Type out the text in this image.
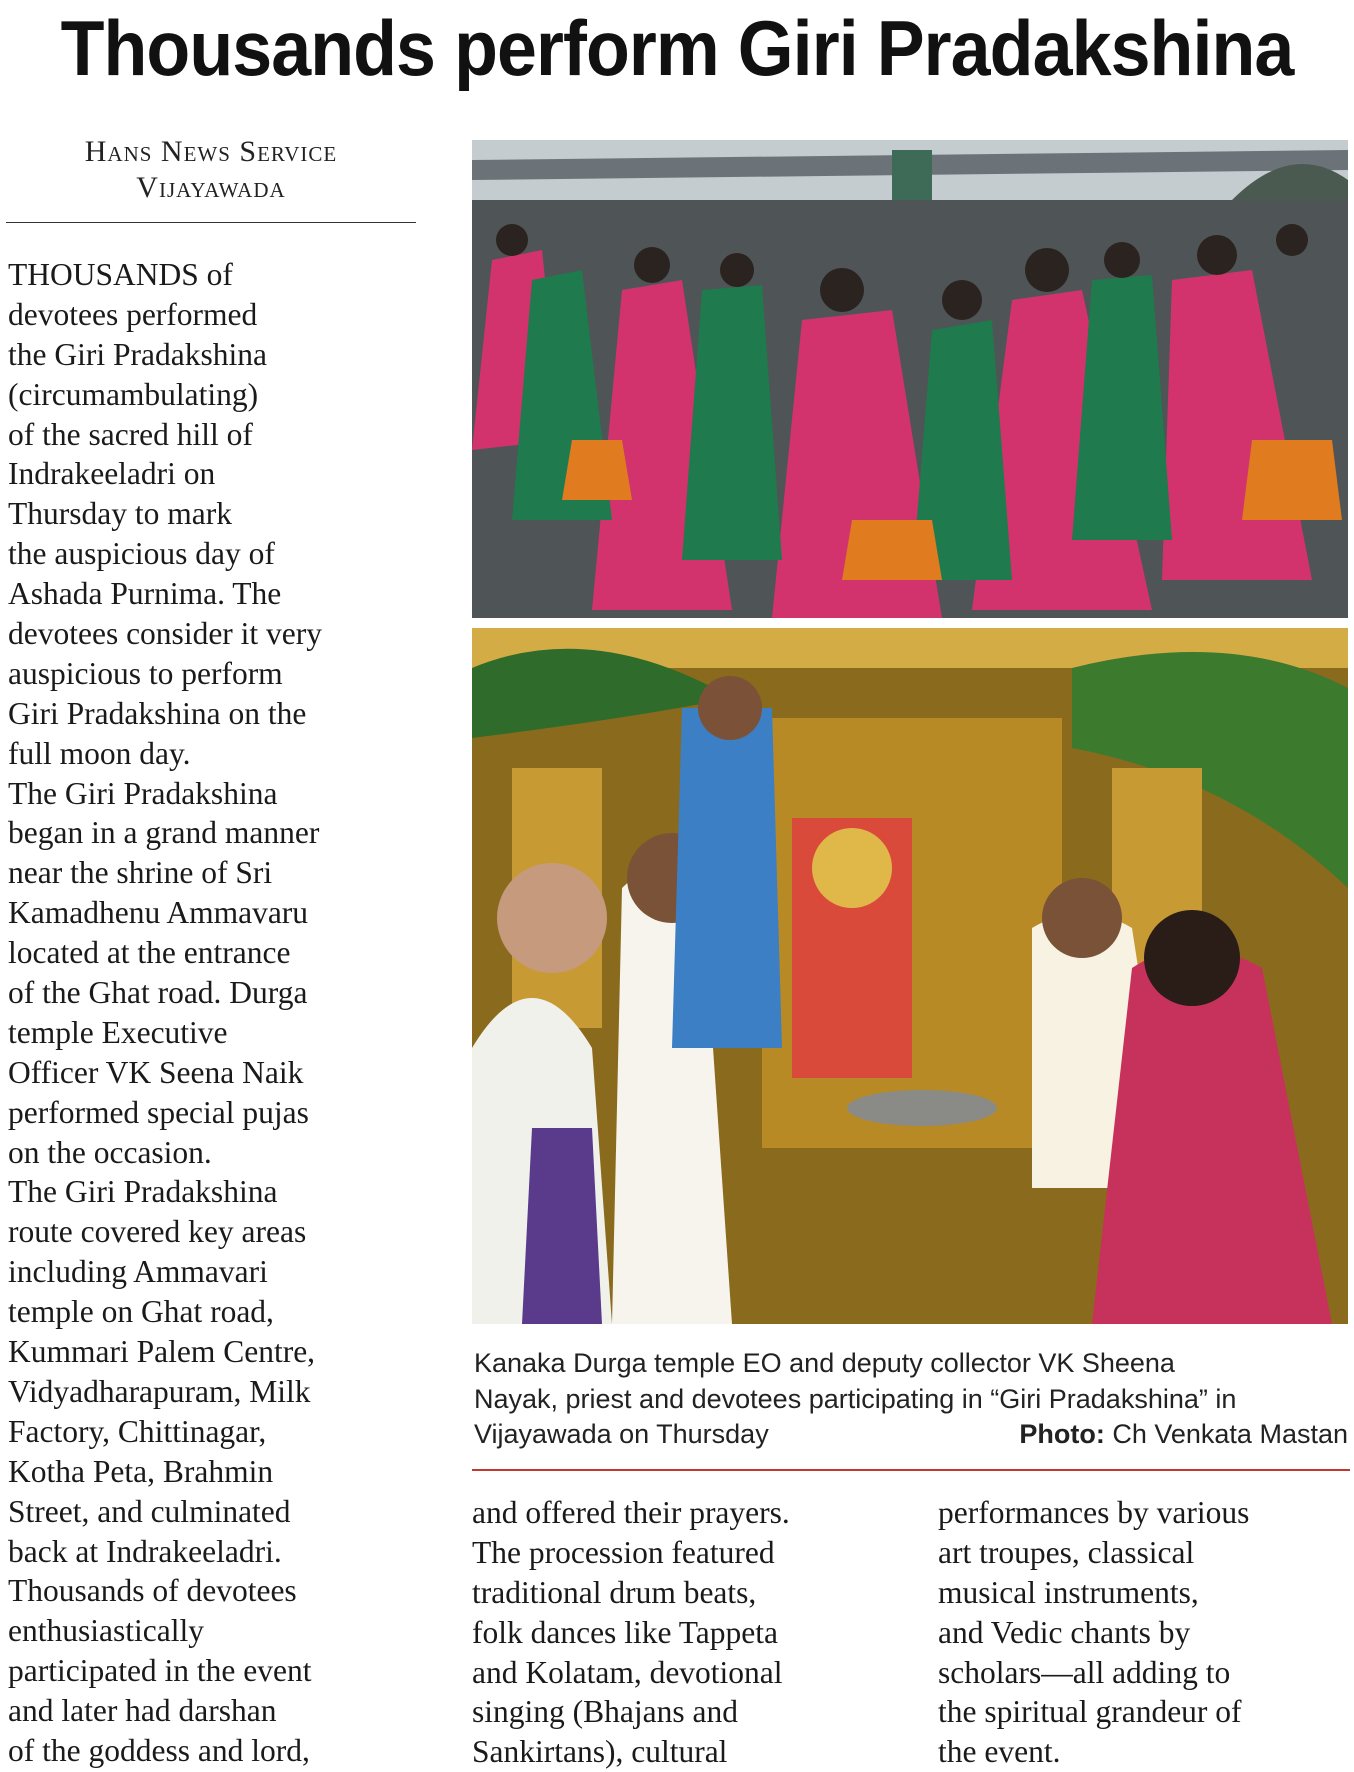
Thousands perform Giri Pradakshina
Hans News Service
Vijayawada
THOUSANDS of
devotees performed
the Giri Pradakshina
(circumambulating)
of the sacred hill of
Indrakeeladri on
Thursday to mark
the auspicious day of
Ashada Purnima. The
devotees consider it very
auspicious to perform
Giri Pradakshina on the
full moon day.
The Giri Pradakshina
began in a grand manner
near the shrine of Sri
Kamadhenu Ammavaru
located at the entrance
of the Ghat road. Durga
temple Executive
Officer VK Seena Naik
performed special pujas
on the occasion.
The Giri Pradakshina
route covered key areas
including Ammavari
temple on Ghat road,
Kummari Palem Centre,
Vidyadharapuram, Milk
Factory, Chittinagar,
Kotha Peta, Brahmin
Street, and culminated
back at Indrakeeladri.
Thousands of devotees
enthusiastically
participated in the event
and later had darshan
of the goddess and lord,
Kanaka Durga temple EO and deputy collector VK Sheena
Nayak, priest and devotees participating in “Giri Pradakshina” in
Vijayawada on Thursday	Photo: Ch Venkata Mastan
and offered their prayers.
The procession featured
traditional drum beats,
folk dances like Tappeta
and Kolatam, devotional
singing (Bhajans and
Sankirtans), cultural
performances by various
art troupes, classical
musical instruments,
and Vedic chants by
scholars—all adding to
the spiritual grandeur of
the event.
